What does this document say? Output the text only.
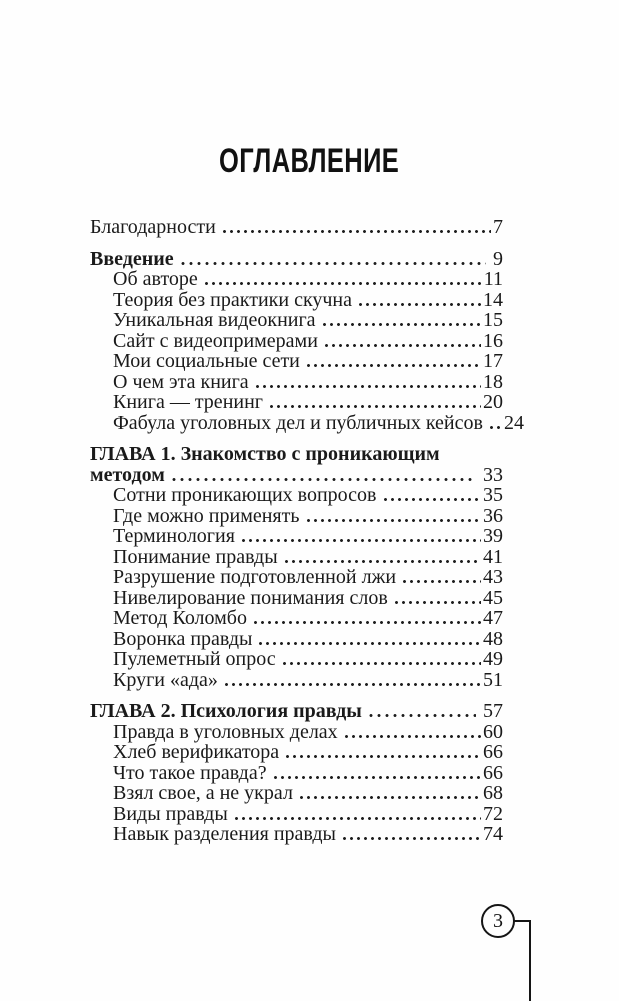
ОГЛАВЛЕНИЕ
Благодарности	7
Введение	9
Об авторе	11
Теория без практики скучна	14
Уникальная видеокнига	15
Сайт с видеопримерами	16
Мои социальные сети	17
О чем эта книга	18
Книга — тренинг	20
Фабула уголовных дел и публичных кейсов 24
ГЛАВА 1. Знакомство с проникающим
методом	33
Сотни проникающих вопросов	35
Где можно применять	36
Терминология	39
Понимание правды	41
Разрушение подготовленной лжи	43
Нивелирование понимания слов	45
Метод Коломбо	47
Воронка правды	48
Пулеметный опрос	49
Круги «ада»	51
ГЛАВА 2. Психология правды	57
Правда в уголовных делах	60
Хлеб верификатора	66
Что такое правда?	66
Взял свое, а не украл	68
Виды правды	72
Навык разделения правды	74
3
